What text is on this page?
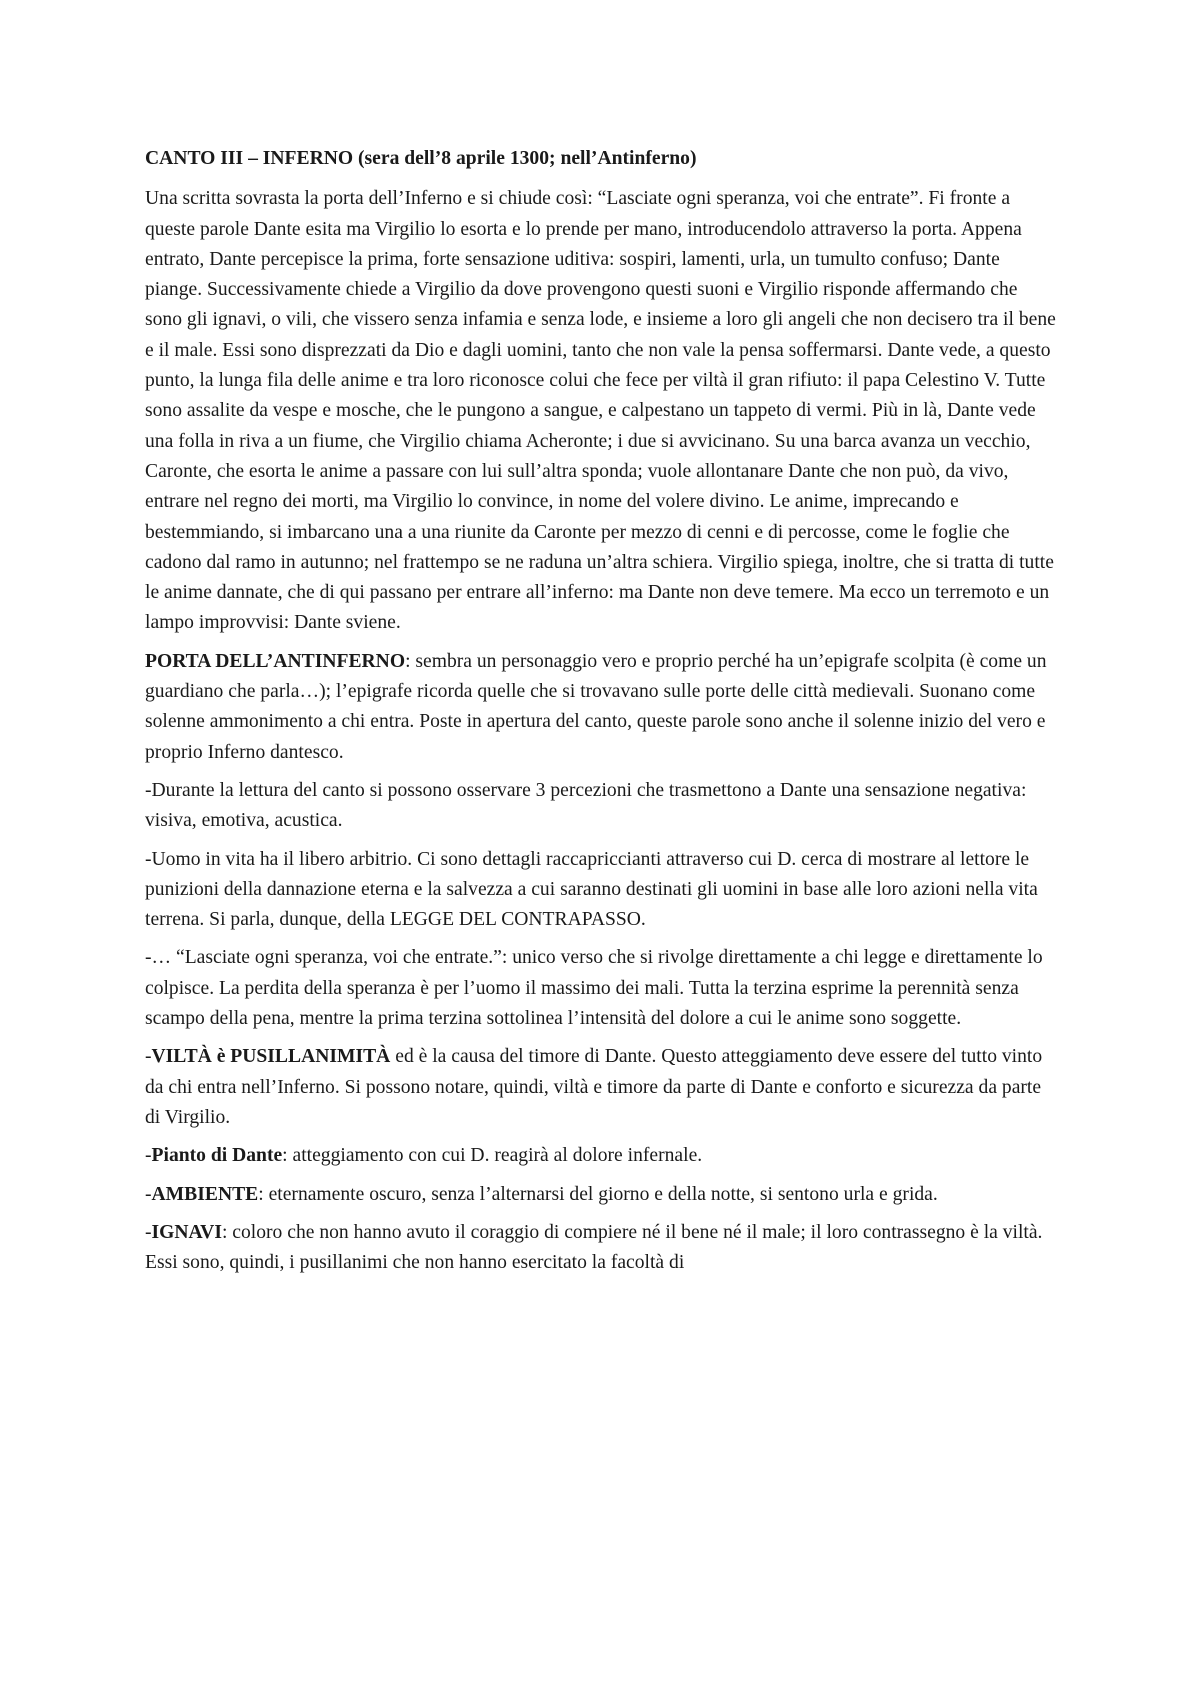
CANTO III – INFERNO (sera dell’8 aprile 1300; nell’Antinferno)

Una scritta sovrasta la porta dell’Inferno e si chiude così: “Lasciate ogni speranza, voi che entrate”. Fi fronte a queste parole Dante esita ma Virgilio lo esorta e lo prende per mano, introducendolo attraverso la porta. Appena entrato, Dante percepisce la prima, forte sensazione uditiva: sospiri, lamenti, urla, un tumulto confuso; Dante piange. Successivamente chiede a Virgilio da dove provengono questi suoni e Virgilio risponde affermando che sono gli ignavi, o vili, che vissero senza infamia e senza lode, e insieme a loro gli angeli che non decisero tra il bene e il male. Essi sono disprezzati da Dio e dagli uomini, tanto che non vale la pensa soffermarsi. Dante vede, a questo punto, la lunga fila delle anime e tra loro riconosce colui che fece per viltà il gran rifiuto: il papa Celestino V. Tutte sono assalite da vespe e mosche, che le pungono a sangue, e calpestano un tappeto di vermi. Più in là, Dante vede una folla in riva a un fiume, che Virgilio chiama Acheronte; i due si avvicinano. Su una barca avanza un vecchio, Caronte, che esorta le anime a passare con lui sull’altra sponda; vuole allontanare Dante che non può, da vivo, entrare nel regno dei morti, ma Virgilio lo convince, in nome del volere divino. Le anime, imprecando e bestemmiando, si imbarcano una a una riunite da Caronte per mezzo di cenni e di percosse, come le foglie che cadono dal ramo in autunno; nel frattempo se ne raduna un’altra schiera. Virgilio spiega, inoltre, che si tratta di tutte le anime dannate, che di qui passano per entrare all’inferno: ma Dante non deve temere. Ma ecco un terremoto e un lampo improvvisi: Dante sviene.

PORTA DELL’ANTINFERNO: sembra un personaggio vero e proprio perché ha un’epigrafe scolpita (è come un guardiano che parla…); l’epigrafe ricorda quelle che si trovavano sulle porte delle città medievali. Suonano come solenne ammonimento a chi entra. Poste in apertura del canto, queste parole sono anche il solenne inizio del vero e proprio Inferno dantesco.

-Durante la lettura del canto si possono osservare 3 percezioni che trasmettono a Dante una sensazione negativa: visiva, emotiva, acustica.

-Uomo in vita ha il libero arbitrio. Ci sono dettagli raccapriccianti attraverso cui D. cerca di mostrare al lettore le punizioni della dannazione eterna e la salvezza a cui saranno destinati gli uomini in base alle loro azioni nella vita terrena. Si parla, dunque, della LEGGE DEL CONTRAPASSO.

-… “Lasciate ogni speranza, voi che entrate.”: unico verso che si rivolge direttamente a chi legge e direttamente lo colpisce. La perdita della speranza è per l’uomo il massimo dei mali. Tutta la terzina esprime la perennità senza scampo della pena, mentre la prima terzina sottolinea l’intensità del dolore a cui le anime sono soggette.

-VILTÀ è PUSILLANIMITÀ ed è la causa del timore di Dante. Questo atteggiamento deve essere del tutto vinto da chi entra nell’Inferno. Si possono notare, quindi, viltà e timore da parte di Dante e conforto e sicurezza da parte di Virgilio.

-Pianto di Dante: atteggiamento con cui D. reagirà al dolore infernale.

-AMBIENTE: eternamente oscuro, senza l’alternarsi del giorno e della notte, si sentono urla e grida.

-IGNAVI: coloro che non hanno avuto il coraggio di compiere né il bene né il male; il loro contrassegno è la viltà. Essi sono, quindi, i pusillanimi che non hanno esercitato la facoltà di
